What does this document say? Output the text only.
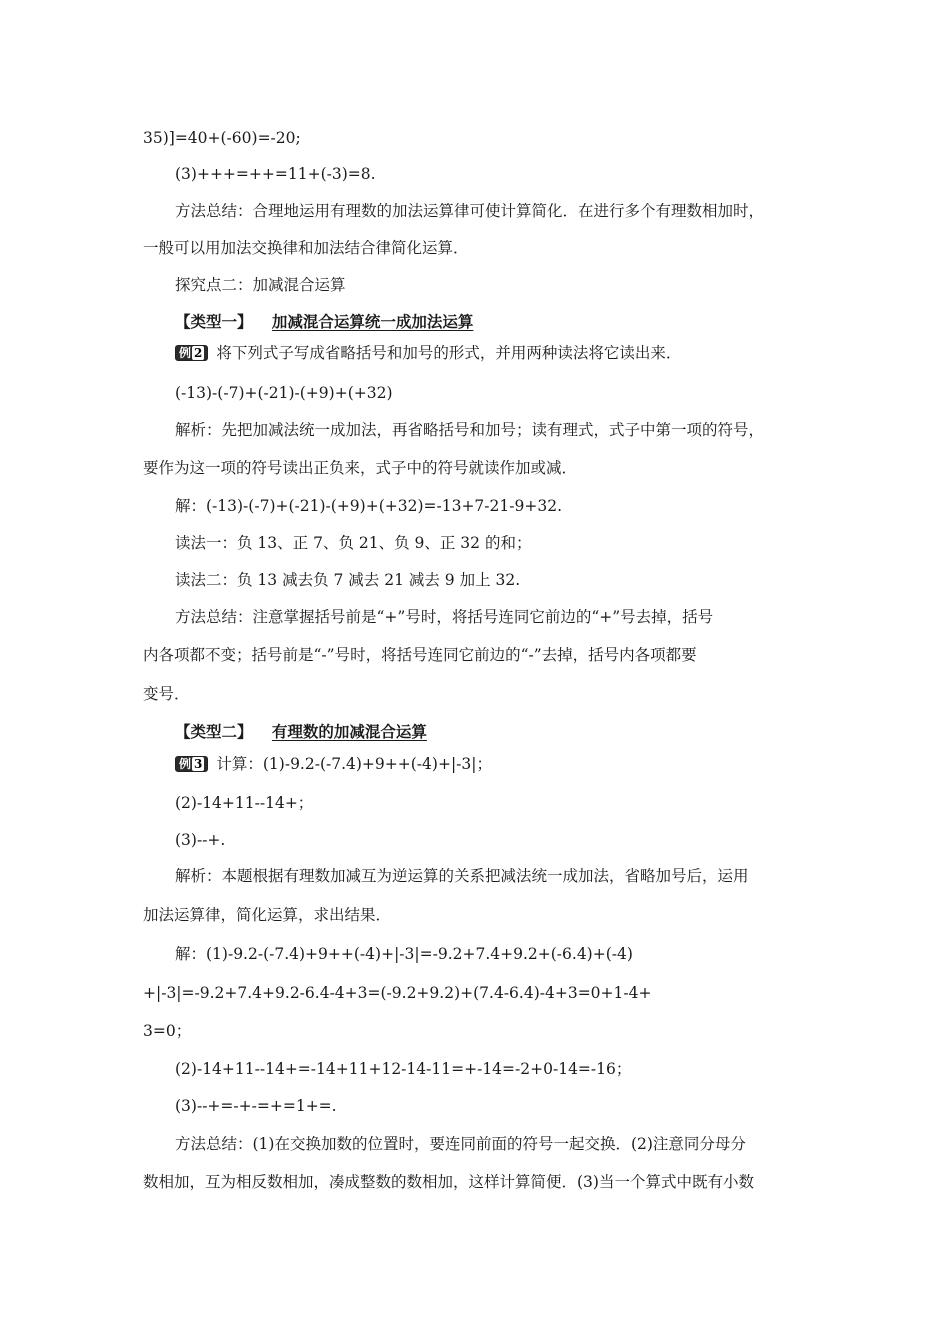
35)]=40+(-60)=-20;
(3)+++=++=11+(-3)=8.
方法总结：合理地运用有理数的加法运算律可使计算简化．在进行多个有理数相加时，
一般可以用加法交换律和加法结合律简化运算．
探究点二：加减混合运算
【类型一】 加减混合运算统一成加法运算
例 2 将下列式子写成省略括号和加号的形式，并用两种读法将它读出来．
(-13)-(-7)+(-21)-(+9)+(+32)
解析：先把加减法统一成加法，再省略括号和加号；读有理式，式子中第一项的符号，
要作为这一项的符号读出正负来，式子中的符号就读作加或减．
解：(-13)-(-7)+(-21)-(+9)+(+32)=-13+7-21-9+32.
读法一：负 13、正 7、负 21、负 9、正 32 的和；
读法二：负 13 减去负 7 减去 21 减去 9 加上 32.
方法总结：注意掌握括号前是“+”号时，将括号连同它前边的“+”号去掉，括号
内各项都不变；括号前是“-”号时，将括号连同它前边的“-”去掉，括号内各项都要
变号．
【类型二】 有理数的加减混合运算
例 3 计算：(1)-9.2-(-7.4)+9++(-4)+|-3|；
(2)-14+11--14+；
(3)--+.
解析：本题根据有理数加减互为逆运算的关系把减法统一成加法，省略加号后，运用
加法运算律，简化运算，求出结果．
解：(1)-9.2-(-7.4)+9++(-4)+|-3|=-9.2+7.4+9.2+(-6.4)+(-4)
+|-3|=-9.2+7.4+9.2-6.4-4+3=(-9.2+9.2)+(7.4-6.4)-4+3=0+1-4+
3=0；
(2)-14+11--14+=-14+11+12-14-11=+-14=-2+0-14=-16；
(3)--+=-+-=+=1+=.
方法总结：(1)在交换加数的位置时，要连同前面的符号一起交换．(2)注意同分母分
数相加，互为相反数相加，凑成整数的数相加，这样计算简便．(3)当一个算式中既有小数
